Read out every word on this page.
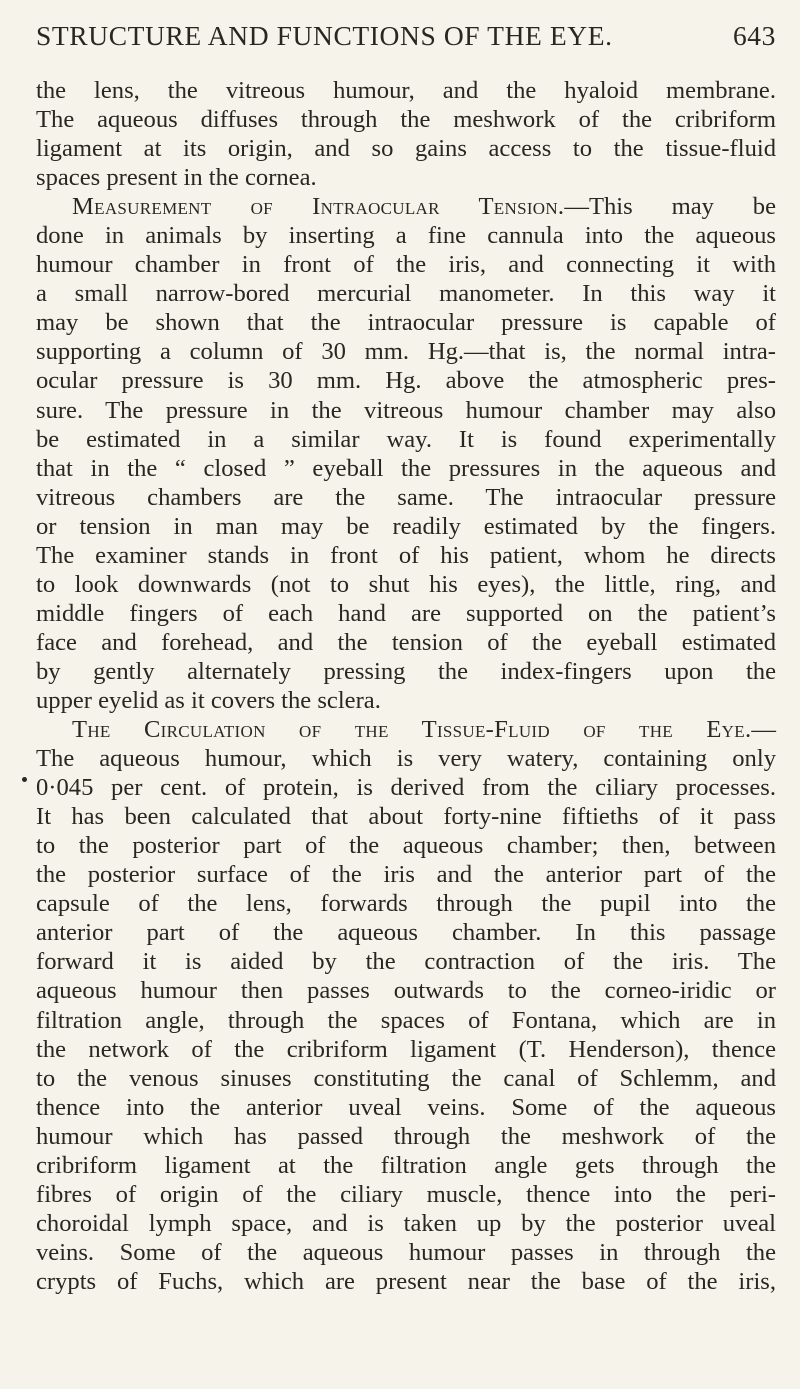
STRUCTURE AND FUNCTIONS OF THE EYE.	643

the lens, the vitreous humour, and the hyaloid membrane.

The aqueous diffuses through the meshwork of the cribriform

ligament at its origin, and so gains access to the tissue-fluid

spaces present in the cornea.

Measurement of Intraocular Tension.—This may be

done in animals by inserting a fine cannula into the aqueous

humour chamber in front of the iris, and connecting it with

a small narrow-bored mercurial manometer. In this way it

may be shown that the intraocular pressure is capable of

supporting a column of 30 mm. Hg.—that is, the normal intra-

ocular pressure is 30 mm. Hg. above the atmospheric pres-

sure. The pressure in the vitreous humour chamber may also

be estimated in a similar way. It is found experimentally

that in the “ closed ” eyeball the pressures in the aqueous and

vitreous chambers are the same. The intraocular pressure

or tension in man may be readily estimated by the fingers.

The examiner stands in front of his patient, whom he directs

to look downwards (not to shut his eyes), the little, ring, and

middle fingers of each hand are supported on the patient’s

face and forehead, and the tension of the eyeball estimated

by gently alternately pressing the index-fingers upon the

upper eyelid as it covers the sclera.

The Circulation of the Tissue-Fluid of the Eye.—

The aqueous humour, which is very watery, containing only

0·045 per cent. of protein, is derived from the ciliary processes.

It has been calculated that about forty-nine fiftieths of it pass

to the posterior part of the aqueous chamber; then, between

the posterior surface of the iris and the anterior part of the

capsule of the lens, forwards through the pupil into the

anterior part of the aqueous chamber. In this passage

forward it is aided by the contraction of the iris. The

aqueous humour then passes outwards to the corneo-iridic or

filtration angle, through the spaces of Fontana, which are in

the network of the cribriform ligament (T. Henderson), thence

to the venous sinuses constituting the canal of Schlemm, and

thence into the anterior uveal veins. Some of the aqueous

humour which has passed through the meshwork of the

cribriform ligament at the filtration angle gets through the

fibres of origin of the ciliary muscle, thence into the peri-

choroidal lymph space, and is taken up by the posterior uveal

veins. Some of the aqueous humour passes in through the

crypts of Fuchs, which are present near the base of the iris,
